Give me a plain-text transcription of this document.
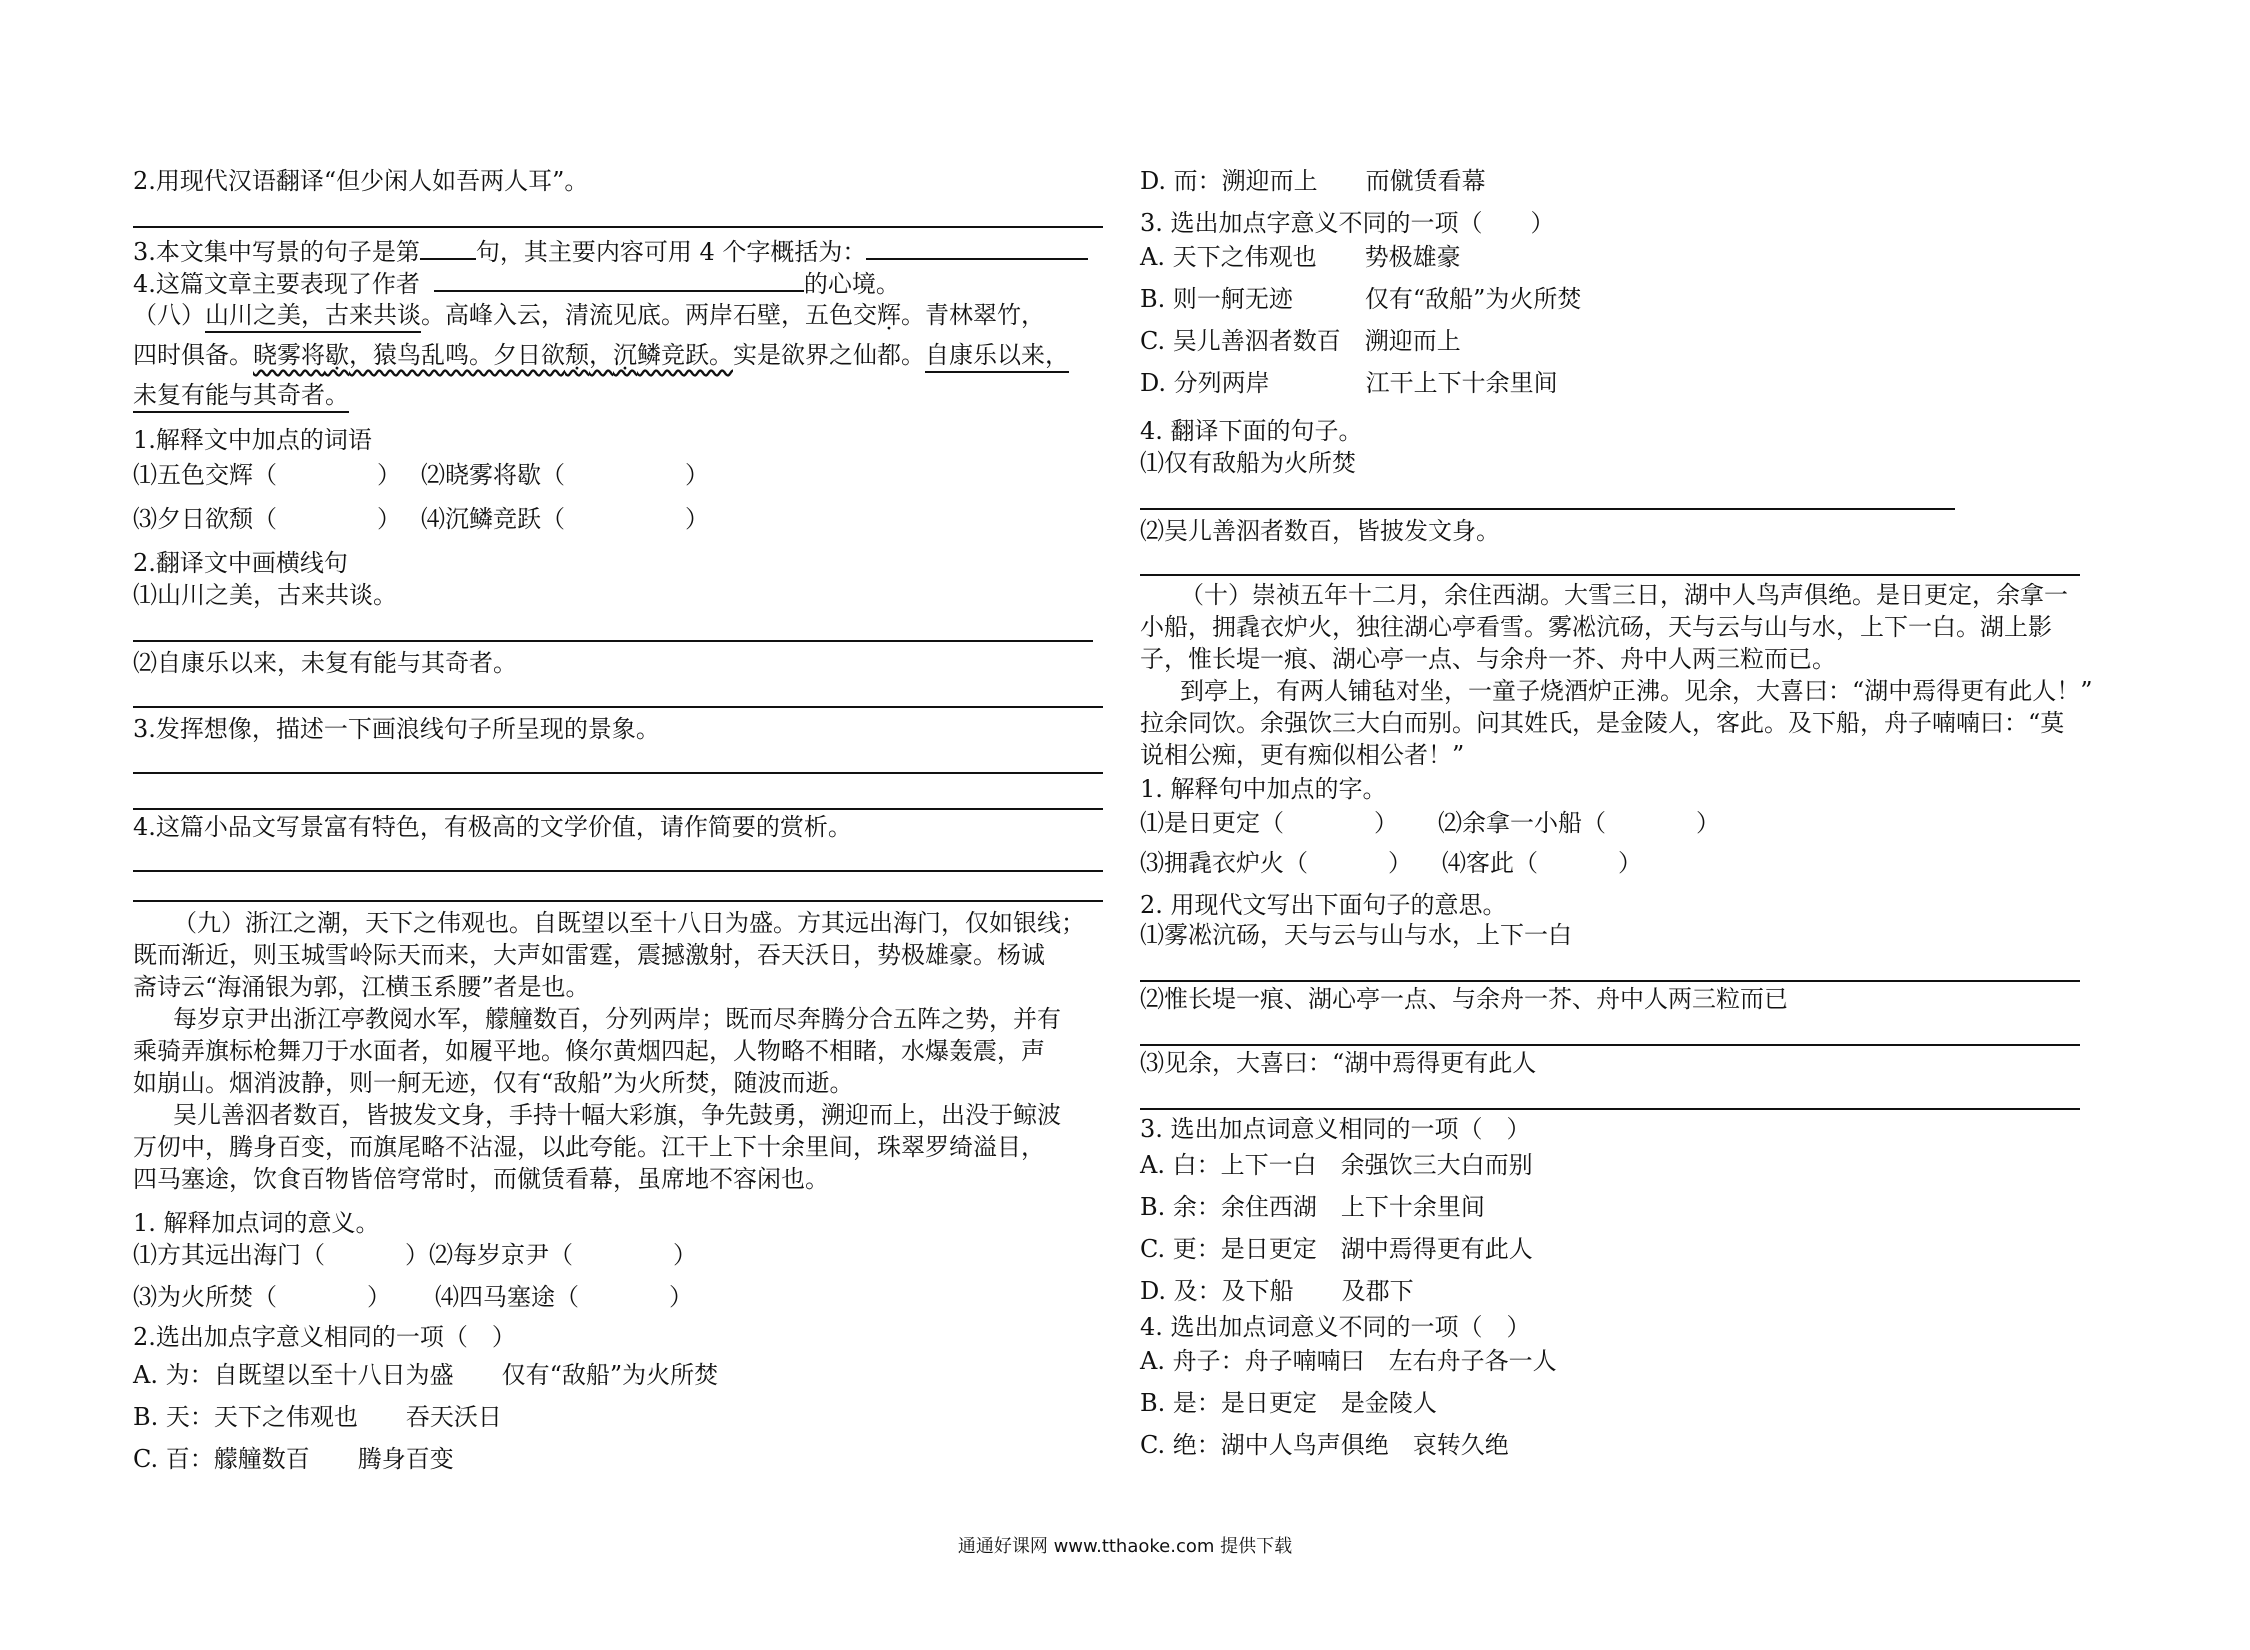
2.用现代汉语翻译“但少闲人如吾两人耳”。
3.本文集中写景的句子是第 句，其主要内容可用 4 个字概括为：
4.这篇文章主要表现了作者	的心境。
（八）山川之美，古来共谈。高峰入云，清流见底。两岸石壁，五色交辉。青林翠竹，
四时俱备。晓雾将歇，猿鸟乱鸣。夕日欲颓，沉鳞竞跃。实是欲界之仙都。自康乐以来，
未复有能与其奇者。
1.解释文中加点的词语
⑴五色交辉（	） ⑵晓雾将歇（	）
⑶夕日欲颓（	） ⑷沉鳞竞跃（	）
2.翻译文中画横线句
⑴山川之美，古来共谈。
⑵自康乐以来，未复有能与其奇者。
3.发挥想像，描述一下画浪线句子所呈现的景象。
4.这篇小品文写景富有特色，有极高的文学价值，请作简要的赏析。
（九）浙江之潮，天下之伟观也。自既望以至十八日为盛。方其远出海门，仅如银线；
既而渐近，则玉城雪岭际天而来，大声如雷霆，震撼激射，吞天沃日，势极雄豪。杨诚
斋诗云“海涌银为郭，江横玉系腰”者是也。
每岁京尹出浙江亭教阅水军，艨艟数百，分列两岸；既而尽奔腾分合五阵之势，并有
乘骑弄旗标枪舞刀于水面者，如履平地。倏尔黄烟四起，人物略不相睹，水爆轰震，声
如崩山。烟消波静，则一舸无迹，仅有“敌船”为火所焚，随波而逝。
吴儿善泅者数百，皆披发文身，手持十幅大彩旗，争先鼓勇，溯迎而上，出没于鲸波
万仞中，腾身百变，而旗尾略不沾湿，以此夸能。江干上下十余里间，珠翠罗绮溢目，
四马塞途，饮食百物皆倍穹常时，而僦赁看幕，虽席地不容闲也。
1. 解释加点词的意义。
⑴方其远出海门（	）⑵每岁京尹（	）
⑶为火所焚（	） ⑷四马塞途（	）
2.选出加点字意义相同的一项（　）
A. 为：自既望以至十八日为盛　　仅有“敌船”为火所焚
B. 天：天下之伟观也　　吞天沃日
C. 百：艨艟数百　　腾身百变
D. 而：溯迎而上　　而僦赁看幕
3. 选出加点字意义不同的一项（　　）
A. 天下之伟观也　　势极雄豪
B. 则一舸无迹　　　仅有“敌船”为火所焚
C. 吴儿善泅者数百　溯迎而上
D. 分列两岸　　　　江干上下十余里间
4. 翻译下面的句子。
⑴仅有敌船为火所焚
⑵吴儿善泅者数百，皆披发文身。
（十）崇祯五年十二月，余住西湖。大雪三日，湖中人鸟声俱绝。是日更定，余拿一
小船，拥毳衣炉火，独往湖心亭看雪。雾凇沆砀，天与云与山与水，上下一白。湖上影
子，惟长堤一痕、湖心亭一点、与余舟一芥、舟中人两三粒而已。
到亭上，有两人铺毡对坐，一童子烧酒炉正沸。见余，大喜曰：“湖中焉得更有此人！”
拉余同饮。余强饮三大白而别。问其姓氏，是金陵人，客此。及下船，舟子喃喃曰：“莫
说相公痴，更有痴似相公者！”
1. 解释句中加点的字。
⑴是日更定（	） ⑵余拿一小船（	）
⑶拥毳衣炉火（	） ⑷客此（	）
2. 用现代文写出下面句子的意思。
⑴雾凇沆砀，天与云与山与水，上下一白
⑵惟长堤一痕、湖心亭一点、与余舟一芥、舟中人两三粒而已
⑶见余，大喜曰：“湖中焉得更有此人
3. 选出加点词意义相同的一项（　）
A. 白：上下一白　余强饮三大白而别
B. 余：余住西湖　上下十余里间
C. 更：是日更定　湖中焉得更有此人
D. 及：及下船　　及郡下
4. 选出加点词意义不同的一项（　）
A. 舟子：舟子喃喃曰　左右舟子各一人
B. 是：是日更定　是金陵人
C. 绝：湖中人鸟声俱绝　哀转久绝
通通好课网 www.tthaoke.com 提供下载
